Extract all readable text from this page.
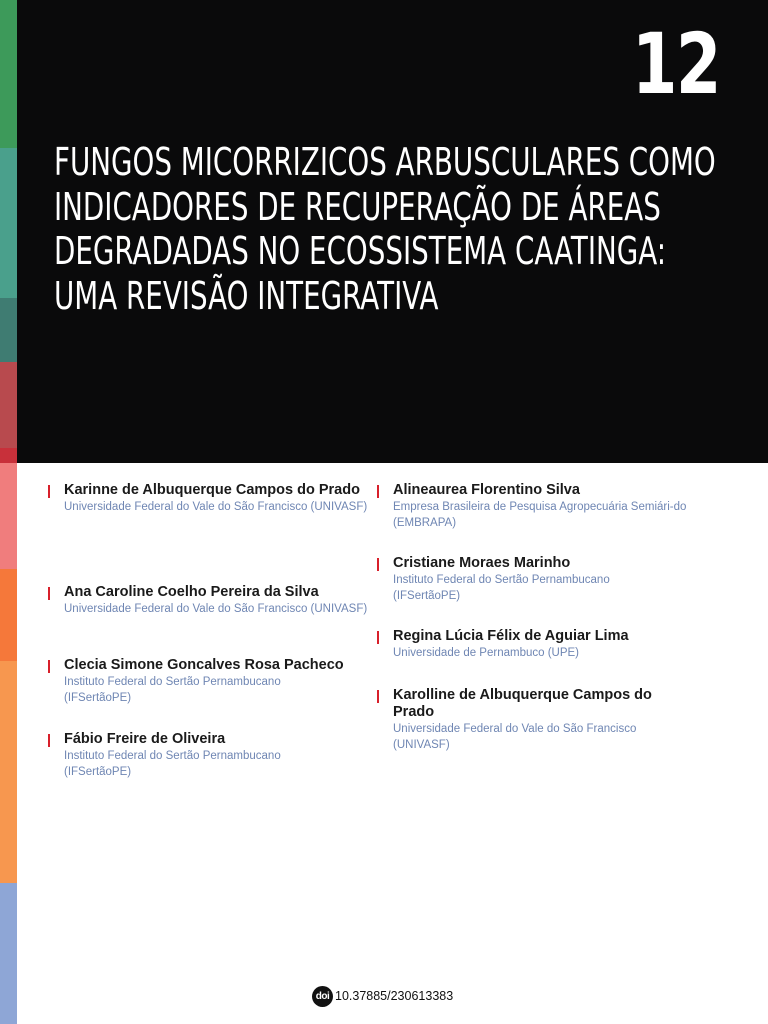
12
FUNGOS MICORRIZICOS ARBUSCULARES COMO
INDICADORES DE RECUPERAÇÃO DE ÁREAS
DEGRADADAS NO ECOSSISTEMA CAATINGA:
UMA REVISÃO INTEGRATIVA

Karinne de Albuquerque Campos do Prado

Universidade Federal do Vale do São Francisco (UNIVASF)

Ana Caroline Coelho Pereira da Silva

Universidade Federal do Vale do São Francisco (UNIVASF)

Clecia Simone Goncalves Rosa Pacheco

Instituto Federal do Sertão Pernambucano (IFSertãoPE)

Fábio Freire de Oliveira

Instituto Federal do Sertão Pernambucano (IFSertãoPE)

Alineaurea Florentino Silva

Empresa Brasileira de Pesquisa Agropecuária Semiári-do (EMBRAPA)

Cristiane Moraes Marinho

Instituto Federal do Sertão Pernambucano (IFSertãoPE)

Regina Lúcia Félix de Aguiar Lima

Universidade de Pernambuco (UPE)

Karolline de Albuquerque Campos do Prado

Universidade Federal do Vale do São Francisco (UNIVASF)

doi 10.37885/230613383
